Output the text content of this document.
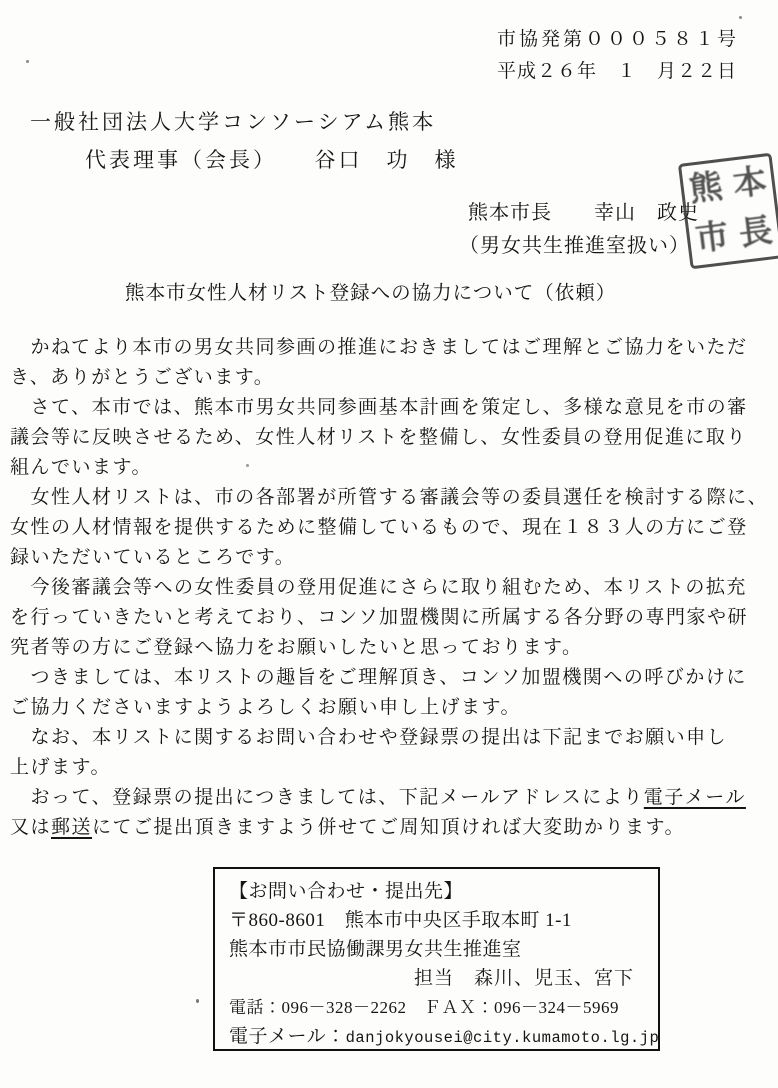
市協発第０００５８１号
平成２６年　１　月２２日
一般社団法人大学コンソーシアム熊本
代表理事（会長）　　谷口　功　様
熊本市長　　幸山　政史
（男女共生推進室扱い）
熊 本
市 長
熊本市女性人材リスト登録への協力について（依頼）
　かねてより本市の男女共同参画の推進におきましてはご理解とご協力をいただ
き、ありがとうございます。
　さて、本市では、熊本市男女共同参画基本計画を策定し、多様な意見を市の審
議会等に反映させるため、女性人材リストを整備し、女性委員の登用促進に取り
組んでいます。
　女性人材リストは、市の各部署が所管する審議会等の委員選任を検討する際に、
女性の人材情報を提供するために整備しているもので、現在１８３人の方にご登
録いただいているところです。
　今後審議会等への女性委員の登用促進にさらに取り組むため、本リストの拡充
を行っていきたいと考えており、コンソ加盟機関に所属する各分野の専門家や研
究者等の方にご登録へ協力をお願いしたいと思っております。
　つきましては、本リストの趣旨をご理解頂き、コンソ加盟機関への呼びかけに
ご協力くださいますようよろしくお願い申し上げます。
　なお、本リストに関するお問い合わせや登録票の提出は下記までお願い申し
上げます。
　おって、登録票の提出につきましては、下記メールアドレスにより電子メール
又は郵送にてご提出頂きますよう併せてご周知頂ければ大変助かります。
【お問い合わせ・提出先】
〒860-8601　熊本市中央区手取本町 1-1
熊本市市民協働課男女共生推進室
担当　森川、児玉、宮下
電話：096－328－2262　ＦＡＸ：096－324－5969
電子メール：danjokyousei@city.kumamoto.lg.jp
